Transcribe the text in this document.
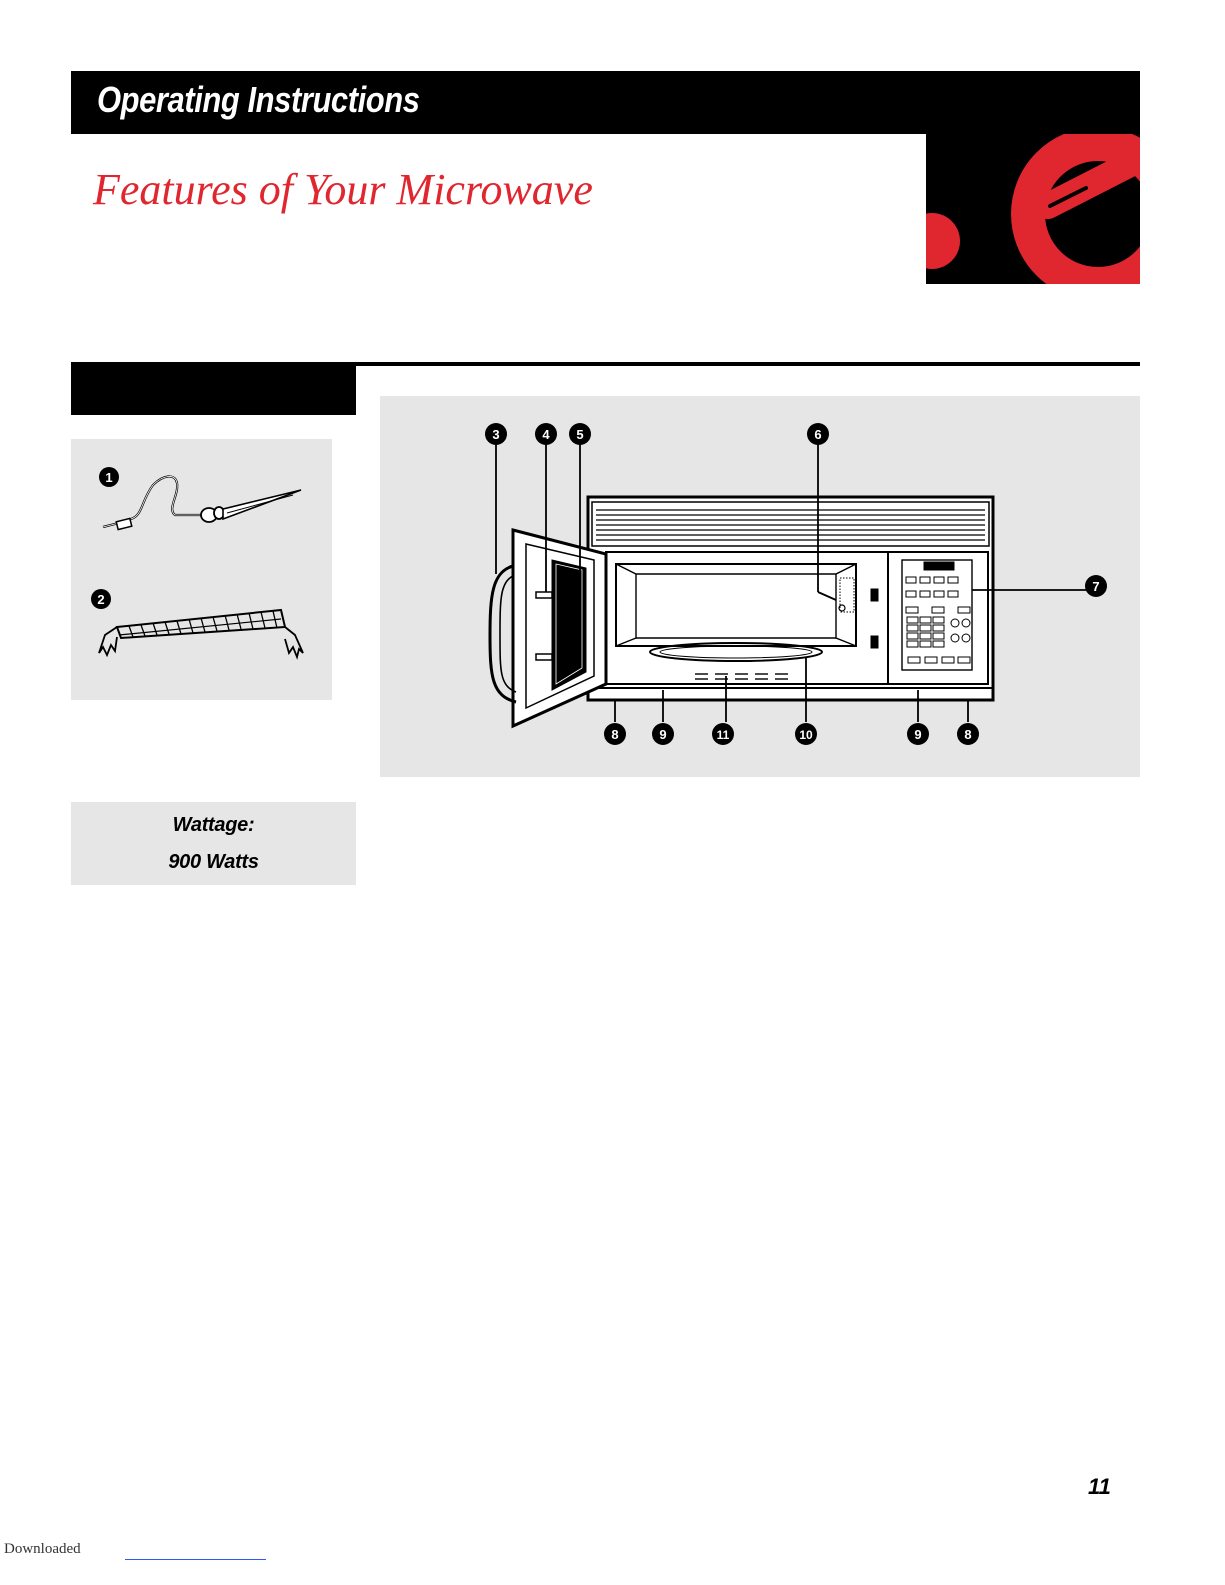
Operating Instructions
Features of Your Microwave
1
2
3	4 5	6
7
8	9	11	10	9	8
Wattage:
900 Watts
11
Downloaded
